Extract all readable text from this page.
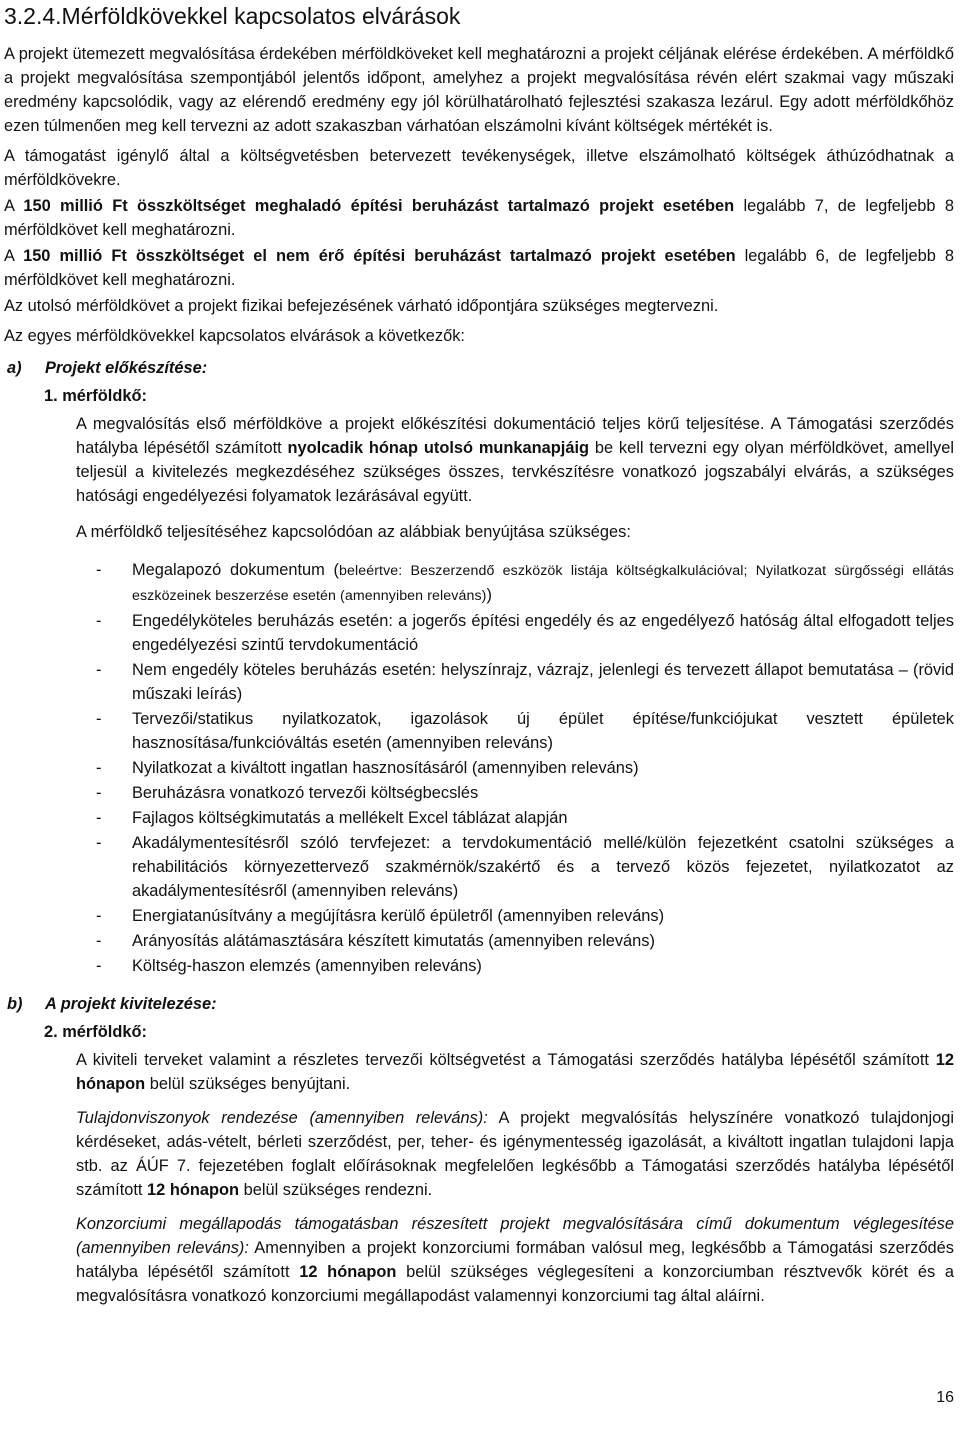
3.2.4.Mérföldkövekkel kapcsolatos elvárások

A projekt ütemezett megvalósítása érdekében mérföldköveket kell meghatározni a projekt céljának elérése érdekében. A mérföldkő a projekt megvalósítása szempontjából jelentős időpont, amelyhez a projekt megvalósítása révén elért szakmai vagy műszaki eredmény kapcsolódik, vagy az elérendő eredmény egy jól körülhatárolható fejlesztési szakasza lezárul. Egy adott mérföldkőhöz ezen túlmenően meg kell tervezni az adott szakaszban várhatóan elszámolni kívánt költségek mértékét is.

A támogatást igénylő által a költségvetésben betervezett tevékenységek, illetve elszámolható költségek áthúzódhatnak a mérföldkövekre.

A 150 millió Ft összköltséget meghaladó építési beruházást tartalmazó projekt esetében legalább 7, de legfeljebb 8 mérföldkövet kell meghatározni.

A 150 millió Ft összköltséget el nem érő építési beruházást tartalmazó projekt esetében legalább 6, de legfeljebb 8 mérföldkövet kell meghatározni.

Az utolsó mérföldkövet a projekt fizikai befejezésének várható időpontjára szükséges megtervezni.

Az egyes mérföldkövekkel kapcsolatos elvárások a következők:

a) Projekt előkészítése:
1. mérföldkő:

A megvalósítás első mérföldköve a projekt előkészítési dokumentáció teljes körű teljesítése. A Támogatási szerződés hatályba lépésétől számított nyolcadik hónap utolsó munkanapjáig be kell tervezni egy olyan mérföldkövet, amellyel teljesül a kivitelezés megkezdéséhez szükséges összes, tervkészítésre vonatkozó jogszabályi elvárás, a szükséges hatósági engedélyezési folyamatok lezárásával együtt.

A mérföldkő teljesítéséhez kapcsolódóan az alábbiak benyújtása szükséges:

- Megalapozó dokumentum (beleértve: Beszerzendő eszközök listája költségkalkulációval; Nyilatkozat sürgősségi ellátás eszközeinek beszerzése esetén (amennyiben releváns))
- Engedélyköteles beruházás esetén: a jogerős építési engedély és az engedélyező hatóság által elfogadott teljes engedélyezési szintű tervdokumentáció
- Nem engedély köteles beruházás esetén: helyszínrajz, vázrajz, jelenlegi és tervezett állapot bemutatása – (rövid műszaki leírás)
- Tervezői/statikus nyilatkozatok, igazolások új épület építése/funkciójukat vesztett épületek hasznosítása/funkcióváltás esetén (amennyiben releváns)
- Nyilatkozat a kiváltott ingatlan hasznosításáról (amennyiben releváns)
- Beruházásra vonatkozó tervezői költségbecslés
- Fajlagos költségkimutatás a mellékelt Excel táblázat alapján
- Akadálymentesítésről szóló tervfejezet: a tervdokumentáció mellé/külön fejezetként csatolni szükséges a rehabilitációs környezettervező szakmérnök/szakértő és a tervező közös fejezetet, nyilatkozatot az akadálymentesítésről (amennyiben releváns)
- Energiatanúsítvány a megújításra kerülő épületről (amennyiben releváns)
- Arányosítás alátámasztására készített kimutatás (amennyiben releváns)
- Költség-haszon elemzés (amennyiben releváns)
b) A projekt kivitelezése:
2. mérföldkő:

A kiviteli terveket valamint a részletes tervezői költségvetést a Támogatási szerződés hatályba lépésétől számított 12 hónapon belül szükséges benyújtani.

Tulajdonviszonyok rendezése (amennyiben releváns): A projekt megvalósítás helyszínére vonatkozó tulajdonjogi kérdéseket, adás-vételt, bérleti szerződést, per, teher- és igénymentesség igazolását, a kiváltott ingatlan tulajdoni lapja stb. az ÁÚF 7. fejezetében foglalt előírásoknak megfelelően legkésőbb a Támogatási szerződés hatályba lépésétől számított 12 hónapon belül szükséges rendezni.

Konzorciumi megállapodás támogatásban részesített projekt megvalósítására című dokumentum véglegesítése (amennyiben releváns): Amennyiben a projekt konzorciumi formában valósul meg, legkésőbb a Támogatási szerződés hatályba lépésétől számított 12 hónapon belül szükséges véglegesíteni a konzorciumban résztvevők körét és a megvalósításra vonatkozó konzorciumi megállapodást valamennyi konzorciumi tag által aláírni.

16
